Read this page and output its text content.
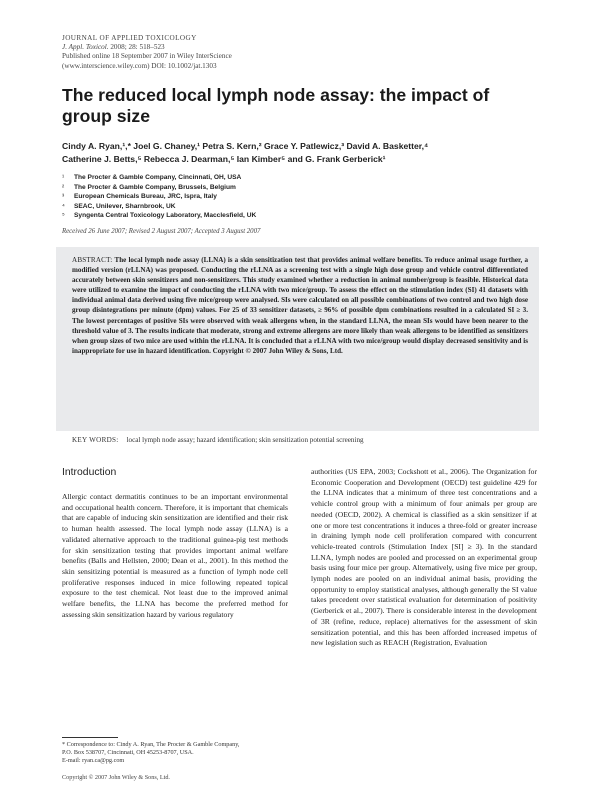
JOURNAL OF APPLIED TOXICOLOGY
J. Appl. Toxicol. 2008; 28: 518–523
Published online 18 September 2007 in Wiley InterScience
(www.interscience.wiley.com) DOI: 10.1002/jat.1303
The reduced local lymph node assay: the impact of group size
Cindy A. Ryan,¹,* Joel G. Chaney,¹ Petra S. Kern,² Grace Y. Patlewicz,³ David A. Basketter,⁴
Catherine J. Betts,⁵ Rebecca J. Dearman,⁵ Ian Kimber⁵ and G. Frank Gerberick¹
¹	The Procter & Gamble Company, Cincinnati, OH, USA
²	The Procter & Gamble Company, Brussels, Belgium
³	European Chemicals Bureau, JRC, Ispra, Italy
⁴	SEAC, Unilever, Sharnbrook, UK
⁵	Syngenta Central Toxicology Laboratory, Macclesfield, UK
Received 26 June 2007; Revised 2 August 2007; Accepted 3 August 2007
ABSTRACT: The local lymph node assay (LLNA) is a skin sensitization test that provides animal welfare benefits. To reduce animal usage further, a modified version (rLLNA) was proposed. Conducting the rLLNA as a screening test with a single high dose group and vehicle control differentiated accurately between skin sensitizers and non-sensitizers. This study examined whether a reduction in animal number/group is feasible. Historical data were utilized to examine the impact of conducting the rLLNA with two mice/group. To assess the effect on the stimulation index (SI) 41 datasets with individual animal data derived using five mice/group were analysed. SIs were calculated on all possible combinations of two control and two high dose group disintegrations per minute (dpm) values. For 25 of 33 sensitizer datasets, ≥ 96% of possible dpm combinations resulted in a calculated SI ≥ 3. The lowest percentages of positive SIs were observed with weak allergens when, in the standard LLNA, the mean SIs would have been nearer to the threshold value of 3. The results indicate that moderate, strong and extreme allergens are more likely than weak allergens to be identified as sensitizers when group sizes of two mice are used within the rLLNA. It is concluded that a rLLNA with two mice/group would display decreased sensitivity and is inappropriate for use in hazard identification. Copyright © 2007 John Wiley & Sons, Ltd.
KEY WORDS: local lymph node assay; hazard identification; skin sensitization potential screening
Introduction
Allergic contact dermatitis continues to be an important environmental and occupational health concern. Therefore, it is important that chemicals that are capable of inducing skin sensitization are identified and their risk to human health assessed. The local lymph node assay (LLNA) is a validated alternative approach to the traditional guinea-pig test methods for skin sensitization testing that provides important animal welfare benefits (Balls and Hellsten, 2000; Dean et al., 2001). In this method the skin sensitizing potential is measured as a function of lymph node cell proliferative responses induced in mice following repeated topical exposure to the test chemical. Not least due to the improved animal welfare benefits, the LLNA has become the preferred method for assessing skin sensitization hazard by various regulatory
authorities (US EPA, 2003; Cockshott et al., 2006). The Organization for Economic Cooperation and Development (OECD) test guideline 429 for the LLNA indicates that a minimum of three test concentrations and a vehicle control group with a minimum of four animals per group are needed (OECD, 2002). A chemical is classified as a skin sensitizer if at one or more test concentrations it induces a three-fold or greater increase in draining lymph node cell proliferation compared with concurrent vehicle-treated controls (Stimulation Index [SI] ≥ 3). In the standard LLNA, lymph nodes are pooled and processed on an experimental group basis using four mice per group. Alternatively, using five mice per group, lymph nodes are pooled on an individual animal basis, providing the opportunity to employ statistical analyses, although generally the SI value takes precedent over statistical evaluation for determination of positivity (Gerberick et al., 2007). There is considerable interest in the development of 3R (refine, reduce, replace) alternatives for the assessment of skin sensitization potential, and this has been afforded increased impetus of new legislation such as REACH (Registration, Evaluation
* Correspondence to: Cindy A. Ryan, The Procter & Gamble Company,
P.O. Box 538707, Cincinnati, OH 45253-8707, USA.
E-mail: ryan.ca@pg.com
Copyright © 2007 John Wiley & Sons, Ltd.
